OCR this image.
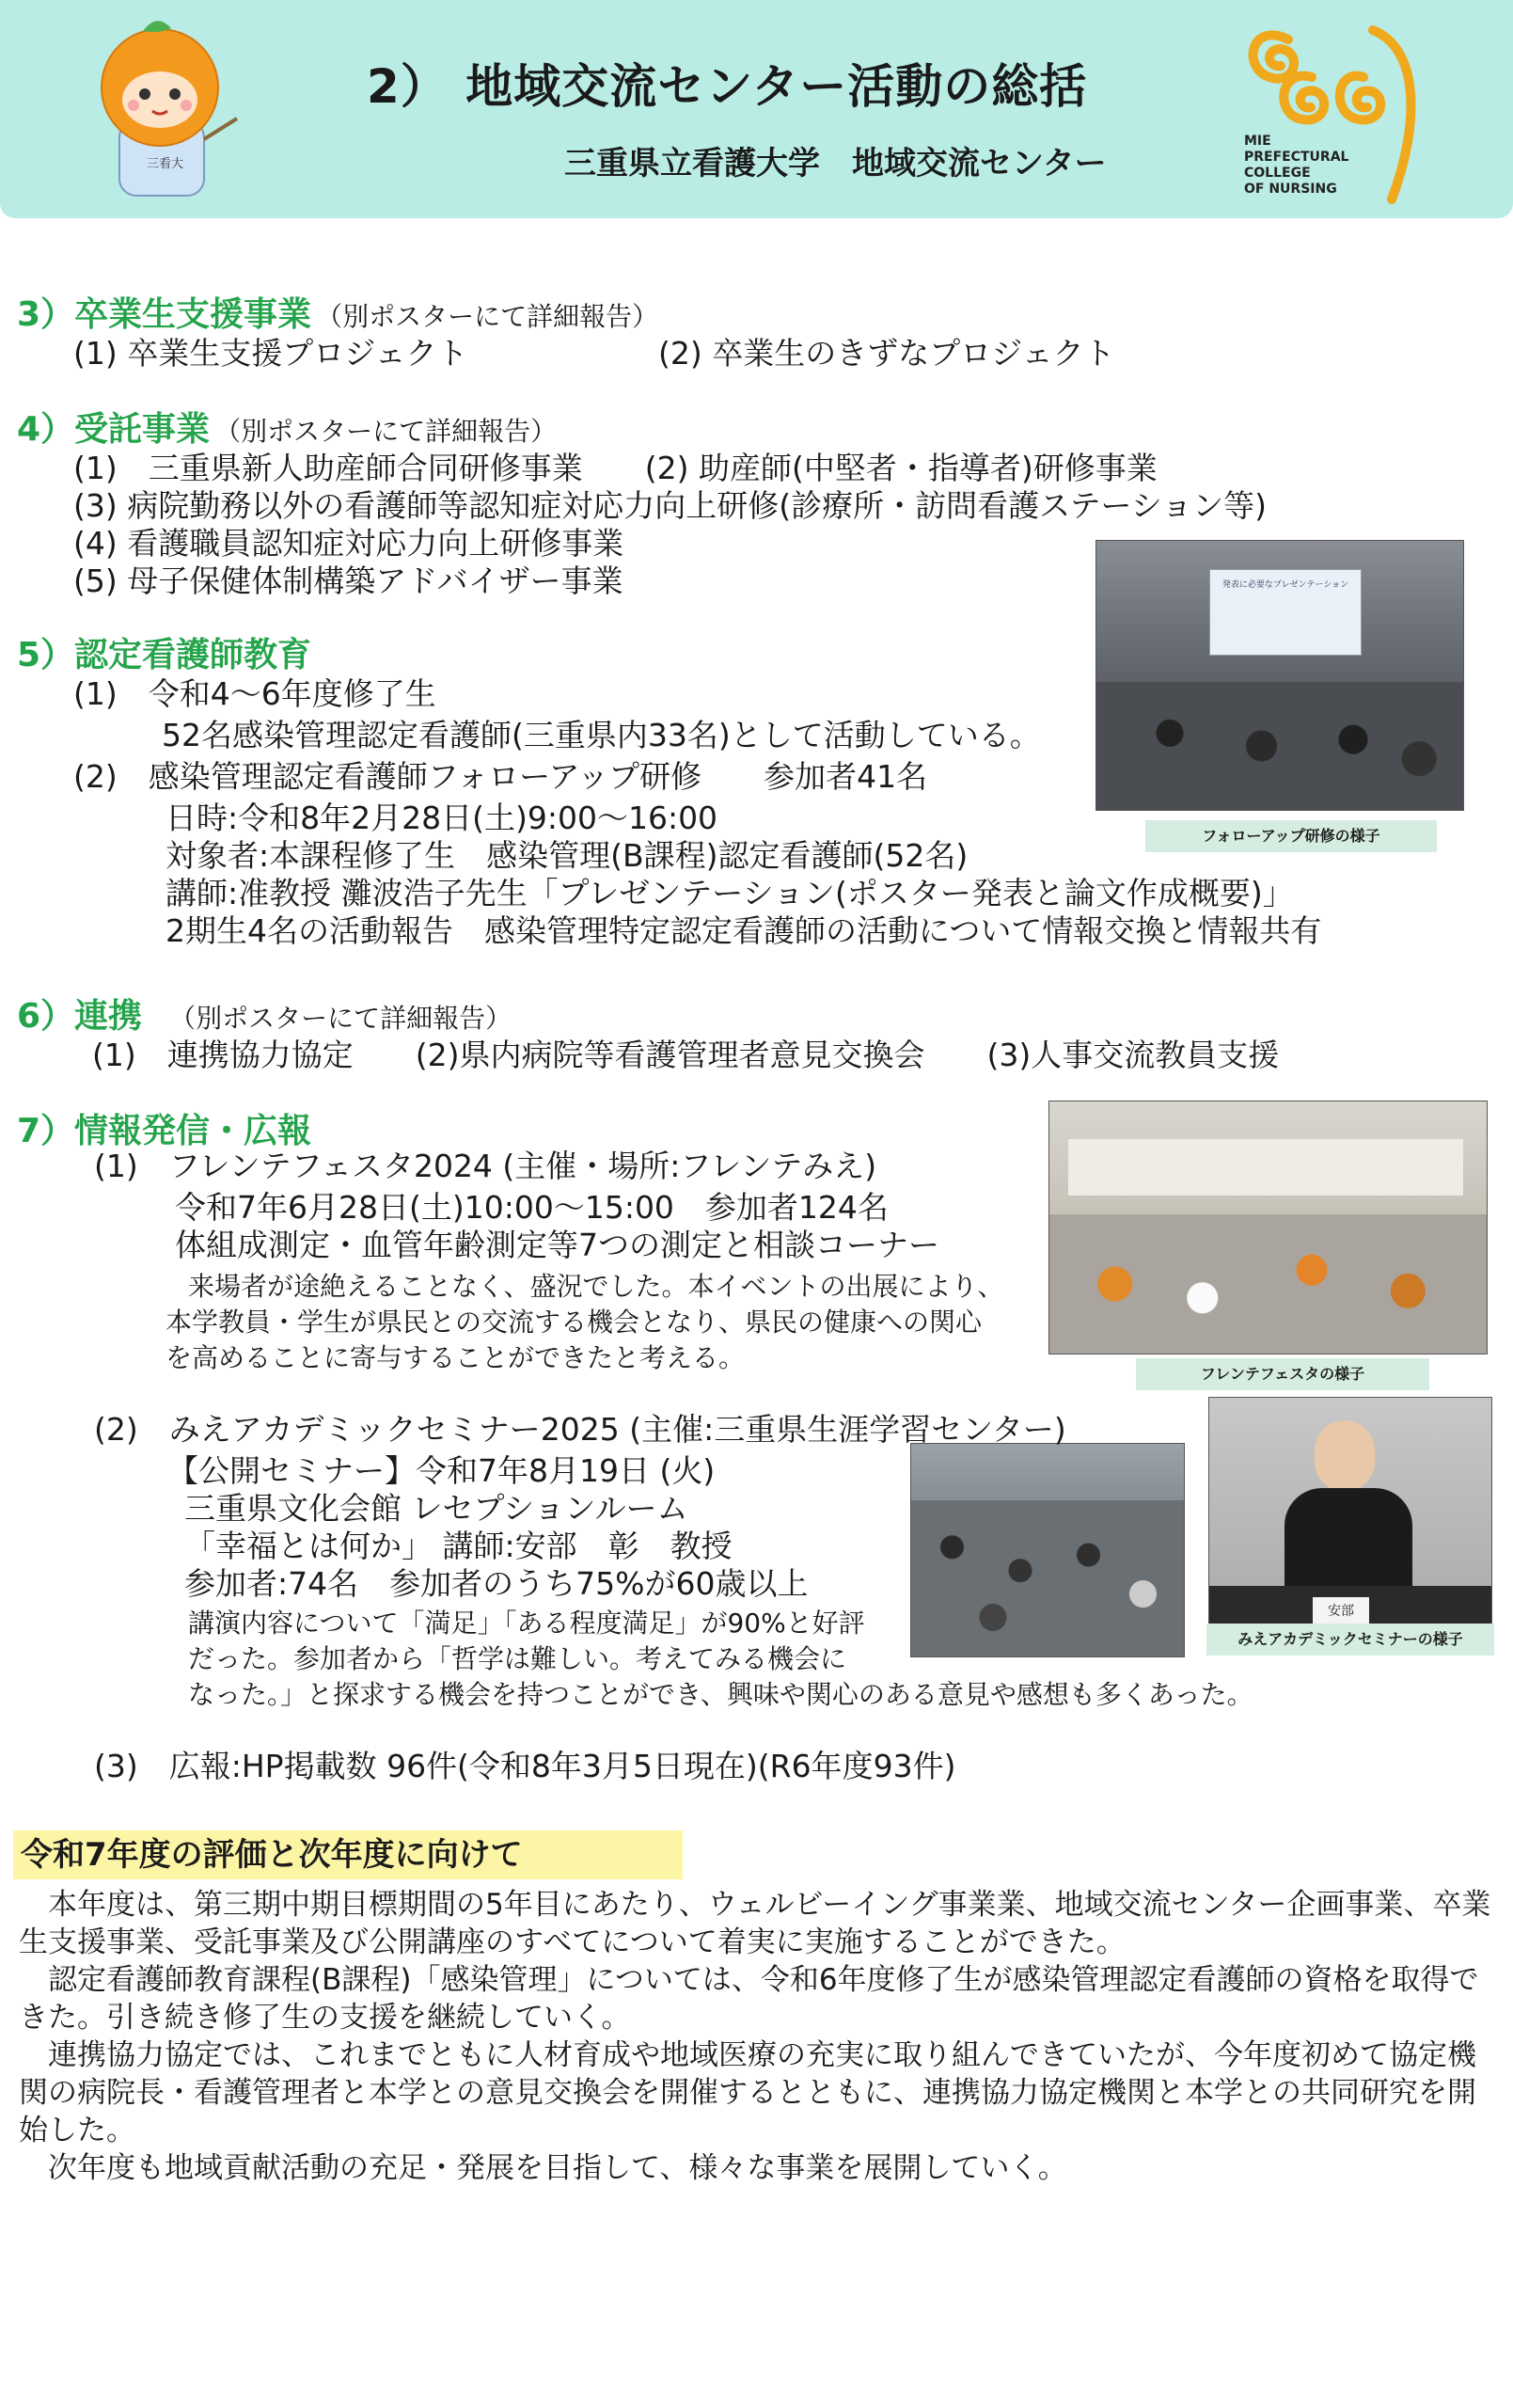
三看大
2） 地域交流センター活動の総括
三重県立看護大学　地域交流センター
MIE
PREFECTURAL
COLLEGE
OF NURSING
3）卒業生支援事業 （別ポスターにて詳細報告）
(1) 卒業生支援プロジェクト	(2) 卒業生のきずなプロジェクト
4）受託事業 （別ポスターにて詳細報告）
(1)　三重県新人助産師合同研修事業　　(2) 助産師(中堅者・指導者)研修事業
(3) 病院勤務以外の看護師等認知症対応力向上研修(診療所・訪問看護ステーション等)
(4) 看護職員認知症対応力向上研修事業
(5) 母子保健体制構築アドバイザー事業	発表に必要なプレゼンテーション
フォローアップ研修の様子
5）認定看護師教育
(1)　令和4～6年度修了生
52名感染管理認定看護師(三重県内33名)として活動している。
(2)　感染管理認定看護師フォローアップ研修　　参加者41名
日時:令和8年2月28日(土)9:00～16:00
対象者:本課程修了生　感染管理(B課程)認定看護師(52名)
講師:准教授 灘波浩子先生「プレゼンテーション(ポスター発表と論文作成概要)」
2期生4名の活動報告　感染管理特定認定看護師の活動について情報交換と情報共有
6）連携 （別ポスターにて詳細報告）
(1)　連携協力協定　　(2)県内病院等看護管理者意見交換会　　(3)人事交流教員支援
フレンテフェスタの様子
7）情報発信・広報
(1)　フレンテフェスタ2024 (主催・場所:フレンテみえ)
令和7年6月28日(土)10:00～15:00　参加者124名
体組成測定・血管年齢測定等7つの測定と相談コーナー
来場者が途絶えることなく、盛況でした。本イベントの出展により、
本学教員・学生が県民との交流する機会となり、県民の健康への関心
を高めることに寄与することができたと考える。
安部
みえアカデミックセミナーの様子
(2)　みえアカデミックセミナー2025 (主催:三重県生涯学習センター)
【公開セミナー】令和7年8月19日 (火)
三重県文化会館 レセプションルーム
「幸福とは何か」 講師:安部　彰　教授
参加者:74名　参加者のうち75%が60歳以上
講演内容について「満足」「ある程度満足」が90%と好評
だった。参加者から「哲学は難しい。考えてみる機会に
なった。」と探求する機会を持つことができ、興味や関心のある意見や感想も多くあった。
(3)　広報:HP掲載数 96件(令和8年3月5日現在)(R6年度93件)
令和7年度の評価と次年度に向けて

本年度は、第三期中期目標期間の5年目にあたり、ウェルビーイング事業業、地域交流センター企画事業、卒業生支援事業、受託事業及び公開講座のすべてについて着実に実施することができた。

認定看護師教育課程(B課程)「感染管理」については、令和6年度修了生が感染管理認定看護師の資格を取得できた。引き続き修了生の支援を継続していく。

連携協力協定では、これまでともに人材育成や地域医療の充実に取り組んできていたが、今年度初めて協定機関の病院長・看護管理者と本学との意見交換会を開催するとともに、連携協力協定機関と本学との共同研究を開始した。

次年度も地域貢献活動の充足・発展を目指して、様々な事業を展開していく。
